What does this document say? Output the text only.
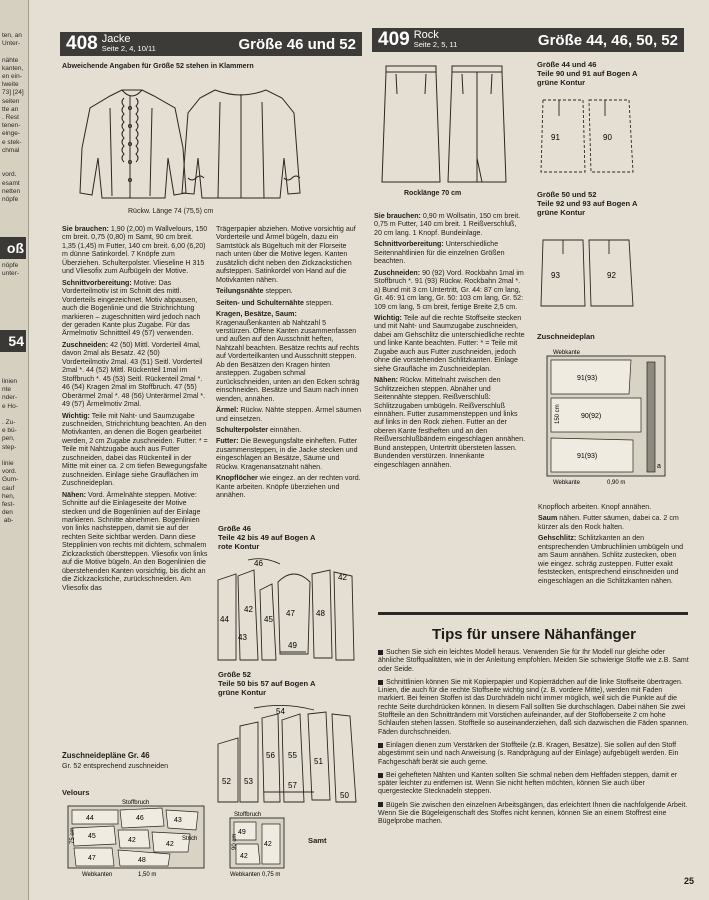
ten, an
Unter-

nähte
kanten,
en ein-
lweite
73] [24]
seiten
tte an
. Rest
tenen-
einge-
e stek-
chmal

vord.
esamt
netten
nöpfe
oß
nöpfe
unter-
54
linien
nte
nder-
e Ho-

. Zu-
e bü-
pen,
step-

linie
vord.
Gum-
cauf
hen,
fest-
den
ab-
408 Jacke
Seite 2, 4, 10/11	Größe 46 und 52
Abweichende Angaben für Größe 52 stehen in Klammern
Rückw. Länge 74 (75,5) cm

Sie brauchen: 1,90 (2,00) m Wallvelours, 150 cm breit. 0,75 (0,80) m Samt, 90 cm breit. 1,35 (1,45) m Futter, 140 cm breit. 6,00 (6,20) m dünne Satinkordel. 7 Knöpfe zum Überziehen. Schulterpolster. Vlieseline H 315 und Vliesofix zum Aufbügeln der Motive.

Schnittvorbereitung: Motive: Das Vorderteilmotiv ist im Schnitt des mittl. Vorderteils eingezeichnet. Motiv abpausen, auch die Bogenlinie und die Strichrichtung markieren – zugeschnitten wird jedoch nach der geraden Kante plus Zugabe. Für das Ärmelmotiv Schnittteil 49 (57) verwenden.

Zuschneiden: 42 (50) Mittl. Vorderteil 4mal, davon 2mal als Besatz. 42 (50) Vorderteilmotiv 2mal. 43 (51) Seitl. Vorderteil 2mal *. 44 (52) Mittl. Rückenteil 1mal im Stoffbruch *. 45 (53) Seitl. Rückenteil 2mal *. 46 (54) Kragen 2mal im Stoffbruch. 47 (55) Oberärmel 2mal *. 48 (56) Unterärmel 2mal *. 49 (57) Ärmelmotiv 2mal.

Wichtig: Teile mit Naht- und Saumzugabe zuschneiden, Strichrichtung beachten. An den Motivkanten, an denen die Bogen gearbeitet werden, 2 cm Zugabe zuschneiden. Futter: * = Teile mit Nahtzugabe auch aus Futter zuschneiden, dabei das Rückenteil in der Mitte mit einer ca. 2 cm tiefen Bewegungsfalte zuschneiden. Einlage siehe Grauflächen im Zuschneideplan.

Nähen: Vord. Ärmelnähte steppen. Motive: Schnitte auf die Einlageseite der Motive stecken und die Bogenlinien auf der Einlage markieren. Schnitte abnehmen. Bogenlinien von links nachsteppen, damit sie auf der rechten Seite sichtbar werden. Dann diese Stepplinien von rechts mit dichtem, schmalem Zickzackstich überstteppen. Vliesofix von links auf die Motive bügeln. An den Bogenlinien die überstehenden Kanten vorsichtig, bis dicht an die Zickzackstiche, zurückschneiden. Am Vliesofix das

Trägerpapier abziehen. Motive vorsichtig auf Vorderteile und Ärmel bügeln, dazu ein Samtstück als Bügeltuch mit der Florseite nach unten über die Motive legen. Kanten zusätzlich dicht neben den Zickzackstichen aufsteppen. Satinkordel von Hand auf die Motivkanten nähen.

Teilungsnähte steppen.

Seiten- und Schulternähte steppen.

Kragen, Besätze, Saum: Kragenaußenkanten ab Nahtzahl 5 verstürzen. Offene Kanten zusammenfassen und außen auf den Ausschnitt heften, Nahtzahl beachten. Besätze rechts auf rechts auf Vorderteilkanten und Ausschnitt steppen. Ab den Besätzen den Kragen hinten ansteppen. Zugaben schmal zurückschneiden, unten an den Ecken schräg einschneiden. Besätze und Saum nach innen wenden, annähen.

Ärmel: Rückw. Nähte steppen. Ärmel säumen und einsetzen.

Schulterpolster einnähen.

Futter: Die Bewegungsfalte einheften. Futter zusammensteppen, in die Jacke stecken und eingeschlagen an Besätze, Säume und Rückw. Kragenansatznaht nähen.

Knopflöcher wie eingez. an der rechten vord. Kante arbeiten. Knöpfe überziehen und annähen.

Größe 46
Teile 42 bis 49 auf Bogen A
rote Kontur
46
42
45
44
43
47
49
48
42
Größe 52
Teile 50 bis 57 auf Bogen A
grüne Kontur
54
52 53
56 55
57
51
50
Zuschneidepläne Gr. 46
Gr. 52 entsprechend zuschneiden
Velours
Stoffbruch
Strich
Webkanten	1,50 m
75 cm
44	43
45
42
46
47	48
42
Stoffbruch
Webkanten 0,75 m
90 cm
49
42
42	Samt
409 Rock
Seite 2, 5, 11	Größe 44, 46, 50, 52
Rocklänge 70 cm
Größe 44 und 46
Teile 90 und 91 auf Bogen A
grüne Kontur
91	90
Größe 50 und 52
Teile 92 und 93 auf Bogen A
grüne Kontur
93	92
Zuschneideplan
Webkante
Webkante	0,90 m
150 cm
91(93)
90(92)
91(93)
a

Sie brauchen: 0,90 m Wollsatin, 150 cm breit. 0,75 m Futter, 140 cm breit. 1 Reißverschluß, 20 cm lang. 1 Knopf. Bundeinlage.

Schnittvorbereitung: Unterschiedliche Seitennahtlinien für die einzelnen Größen beachten.

Zuschneiden: 90 (92) Vord. Rockbahn 1mal im Stoffbruch *. 91 (93) Rückw. Rockbahn 2mal *. a) Bund mit 3 cm Untertritt, Gr. 44: 87 cm lang, Gr. 46: 91 cm lang, Gr. 50: 103 cm lang, Gr. 52: 109 cm lang, 5 cm breit, fertige Breite 2,5 cm.

Wichtig: Teile auf die rechte Stoffseite stecken und mit Naht- und Saumzugabe zuschneiden, dabei am Gehschlitz die unterschiedliche rechte und linke Kante beachten. Futter: * = Teile mit Zugabe auch aus Futter zuschneiden, jedoch ohne die vorstehenden Schlitzkanten. Einlage siehe Graufläche im Zuschneideplan.

Nähen: Rückw. Mittelnaht zwischen den Schlitzzeichen steppen. Abnäher und Seitennähte steppen. Reißverschluß: Schlitzzugaben umbügeln. Reißverschluß einnähen. Futter zusammensteppen und links auf links in den Rock ziehen. Futter an der oberen Kante festheften und an den Reißverschlußbändern eingeschlagen annähen. Bund ansteppen, Untertritt übersteten lassen. Bundenden verstürzen. Innenkante eingeschlagen annähen.

Knopfloch arbeiten. Knopf annähen.

Saum nähen. Futter säumen, dabei ca. 2 cm kürzer als den Rock halten.

Gehschlitz: Schlitzkanten an den entsprechenden Umbruchlinien umbügeln und am Saum annähen. Schlitz zustecken, oben wie eingez. schräg zusteppen. Futter exakt feststecken, entsprechend einschneiden und eingeschlagen an die Schlitzkanten nähen.

Tips für unsere Nähanfänger
Suchen Sie sich ein leichtes Modell heraus. Verwenden Sie für Ihr Modell nur gleiche oder ähnliche Stoffqualitäten, wie in der Anleitung empfohlen. Meiden Sie schwierige Stoffe wie z.B. Samt oder Seide.
Schnittlinien können Sie mit Kopierpapier und Kopierrädchen auf die linke Stoffseite übertragen. Linien, die auch für die rechte Stoffseite wichtig sind (z. B. vordere Mitte), werden mit Faden markiert. Bei feinen Stoffen ist das Durchrädeln nicht immer möglich, weil sich die Punkte auf die rechte Seite durchdrücken können. In diesem Fall sollten Sie durchschlagen. Dabei nähen Sie zwei Stoffteile an den Schnitträndern mit Vorstichen aufeinander, auf der Stoffoberseite 2 cm hohe Schlaufen stehen lassen. Stoffteile so auseinanderziehen, daß sich dazwischen die Fäden spannen. Fäden durchschneiden.
Einlagen dienen zum Verstärken der Stoffteile (z.B. Kragen, Besätze). Sie sollen auf den Stoff abgestimmt sein und nach Anweisung (s. Randprägung auf der Einlage) aufgebügelt werden. Ein Fachgeschäft berät sie auch gerne.
Bei gehefteten Nähten und Kanten sollten Sie schmal neben dem Heftfaden steppen, damit er später leichter zu entfernen ist. Wenn Sie nicht heften möchten, können Sie auch über quergesteckte Stecknadeln steppen.
Bügeln Sie zwischen den einzelnen Arbeitsgängen, das erleichtert Ihnen die nachfolgende Arbeit. Wenn Sie die Bügeleigenschaft des Stoffes nicht kennen, können Sie an einem Stoffrest eine Bügelprobe machen.
25
